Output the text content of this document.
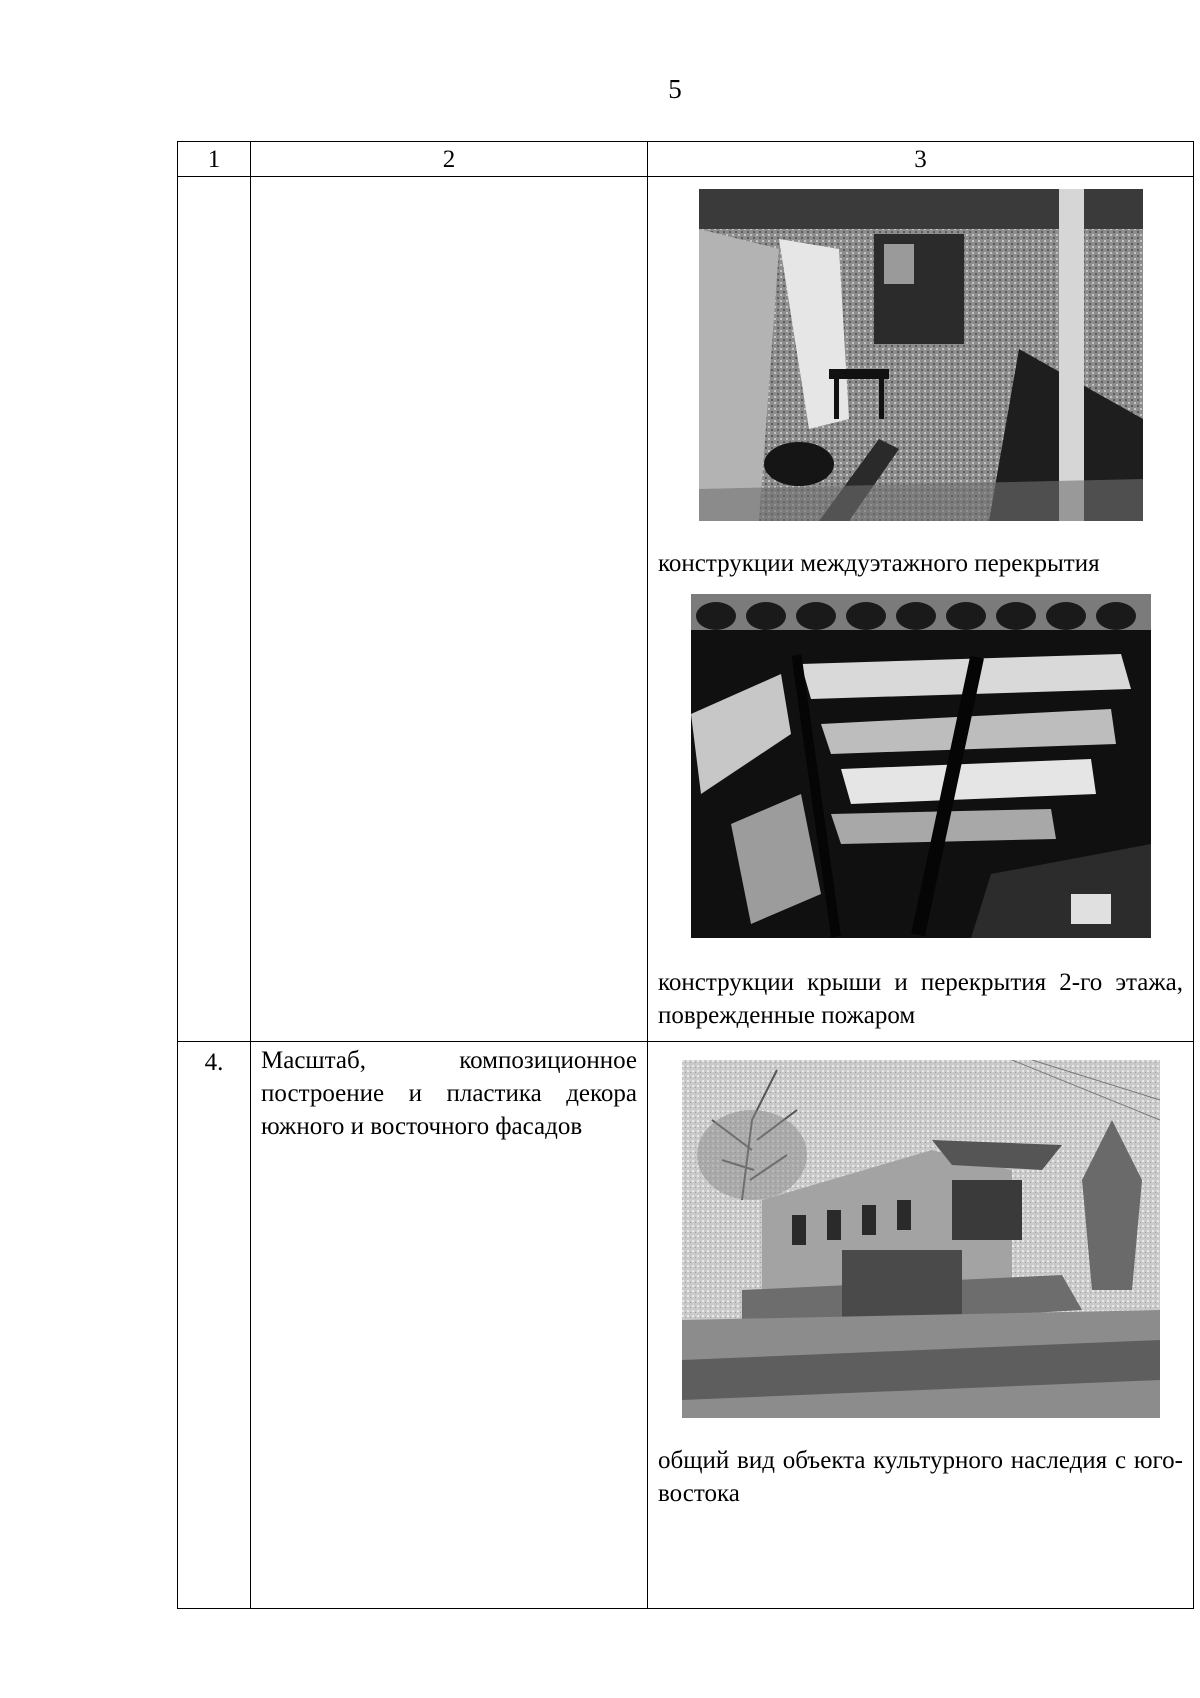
5
1	2	3

		конструкции междуэтажного перекрытия

конструкции крыши и перекрытия 2-го этажа, поврежденные пожаром

4.	Масштаб, композиционное построение и пластика декора южного и восточного фасадов	общий вид объекта культурного наследия с юго-востока
